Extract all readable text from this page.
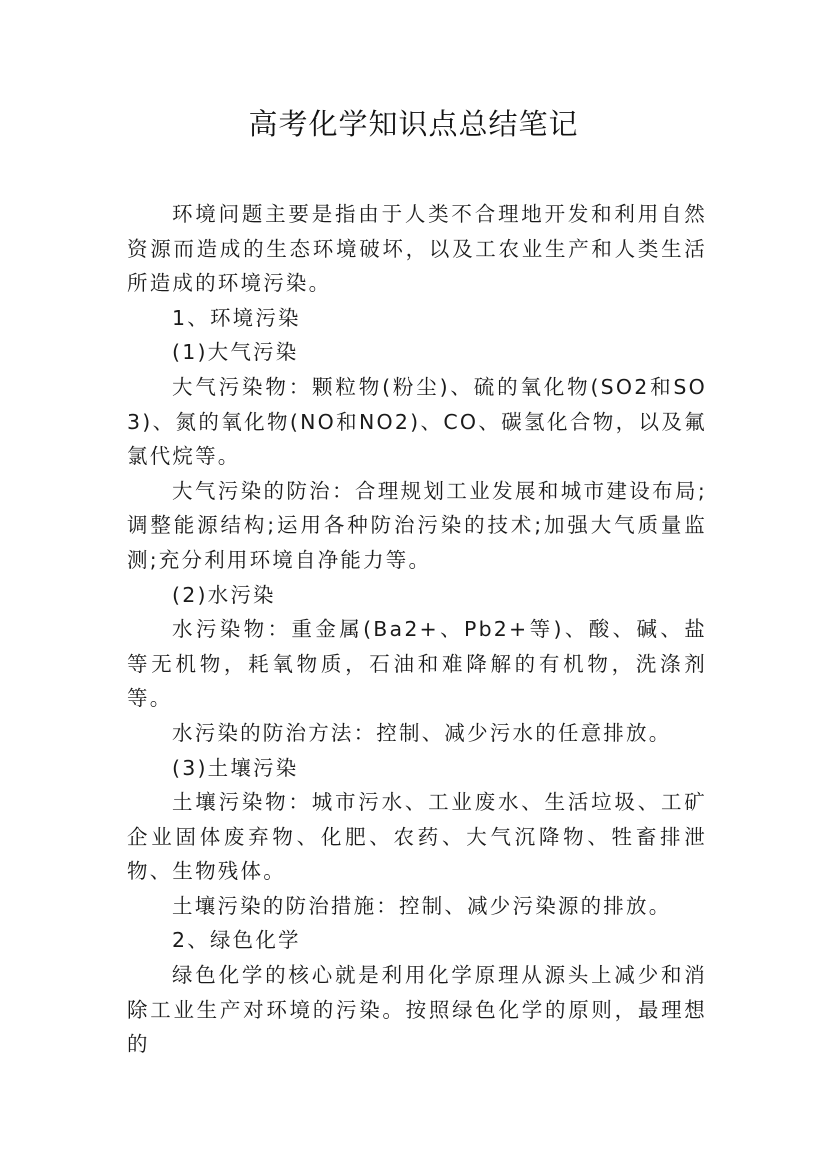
高考化学知识点总结笔记

环境问题主要是指由于人类不合理地开发和利用自然资源而造成的生态环境破坏，以及工农业生产和人类生活所造成的环境污染。

1、环境污染

(1)大气污染

大气污染物：颗粒物(粉尘)、硫的氧化物(SO2和SO3)、氮的氧化物(NO和NO2)、CO、碳氢化合物，以及氟氯代烷等。

大气污染的防治：合理规划工业发展和城市建设布局;调整能源结构;运用各种防治污染的技术;加强大气质量监测;充分利用环境自净能力等。

(2)水污染

水污染物：重金属(Ba2+、Pb2+等)、酸、碱、盐等无机物，耗氧物质，石油和难降解的有机物，洗涤剂等。

水污染的防治方法：控制、减少污水的任意排放。

(3)土壤污染

土壤污染物：城市污水、工业废水、生活垃圾、工矿企业固体废弃物、化肥、农药、大气沉降物、牲畜排泄物、生物残体。

土壤污染的防治措施：控制、减少污染源的排放。

2、绿色化学

绿色化学的核心就是利用化学原理从源头上减少和消除工业生产对环境的污染。按照绿色化学的原则，最理想的
